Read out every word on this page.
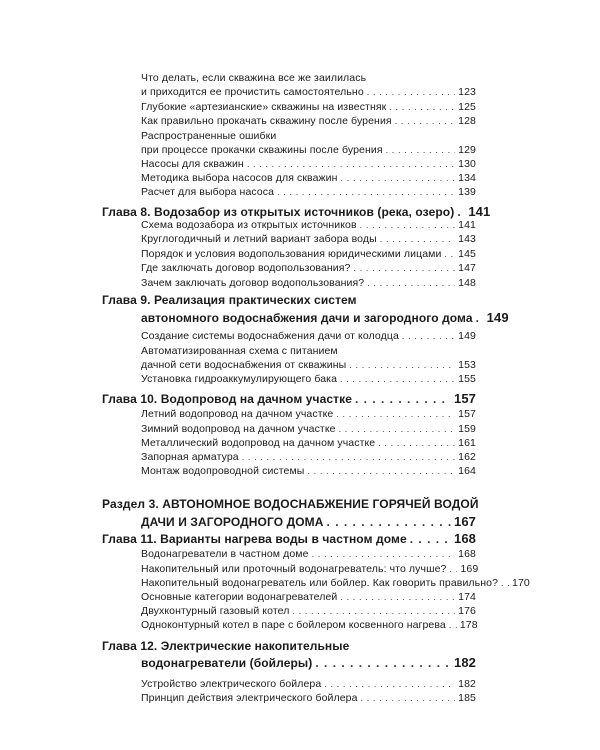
Что делать, если скважина все же заилилась
и приходится ее прочистить самостоятельно . . .	123
Глубокие «артезианские» скважины на известняк . . .	125
Как правильно прокачать скважину после бурения . . .	128
Распространенные ошибки
при процессе прокачки скважины после бурения . . .	129
Насосы для скважин . . .	130
Методика выбора насосов для скважин . . .	134
Расчет для выбора насоса . . .	139
Глава 8. Водозабор из открытых источников (река, озеро) . . . 141
Схема водозабора из открытых источников . . .	141
Круглогодичный и летний вариант забора воды . . .	143
Порядок и условия водопользования юридическими лицами . . . 145
Где заключать договор водопользования? . . .	147
Зачем заключать договор водопользования? . . .	148
Глава 9. Реализация практических систем
автономного водоснабжения дачи и загородного дома . . . 149
Создание системы водоснабжения дачи от колодца . . .	149
Автоматизированная схема с питанием
дачной сети водоснабжения от скважины . . .	153
Установка гидроаккумулирующего бака . . .	155
Глава 10. Водопровод на дачном участке . . .	157
Летний водопровод на дачном участке . . .	157
Зимний водопровод на дачном участке . . .	159
Металлический водопровод на дачном участке . . .	161
Запорная арматура . . .	162
Монтаж водопроводной системы . . .	164
Раздел 3. АВТОНОМНОЕ ВОДОСНАБЖЕНИЕ ГОРЯЧЕЙ ВОДОЙ
ДАЧИ И ЗАГОРОДНОГО ДОМА . . .	167
Глава 11. Варианты нагрева воды в частном доме . . .	168
Водонагреватели в частном доме . . .	168
Накопительный или проточный водонагреватель: что лучше? . . . 169
Накопительный водонагреватель или бойлер. Как говорить правильно? . . . 170
Основные категории водонагревателей . . .	174
Двухконтурный газовый котел . . .	176
Одноконтурный котел в паре с бойлером косвенного нагрева . . . 178
Глава 12. Электрические накопительные
водонагреватели (бойлеры) . . .	182
Устройство электрического бойлера . . .	182
Принцип действия электрического бойлера . . .	185
